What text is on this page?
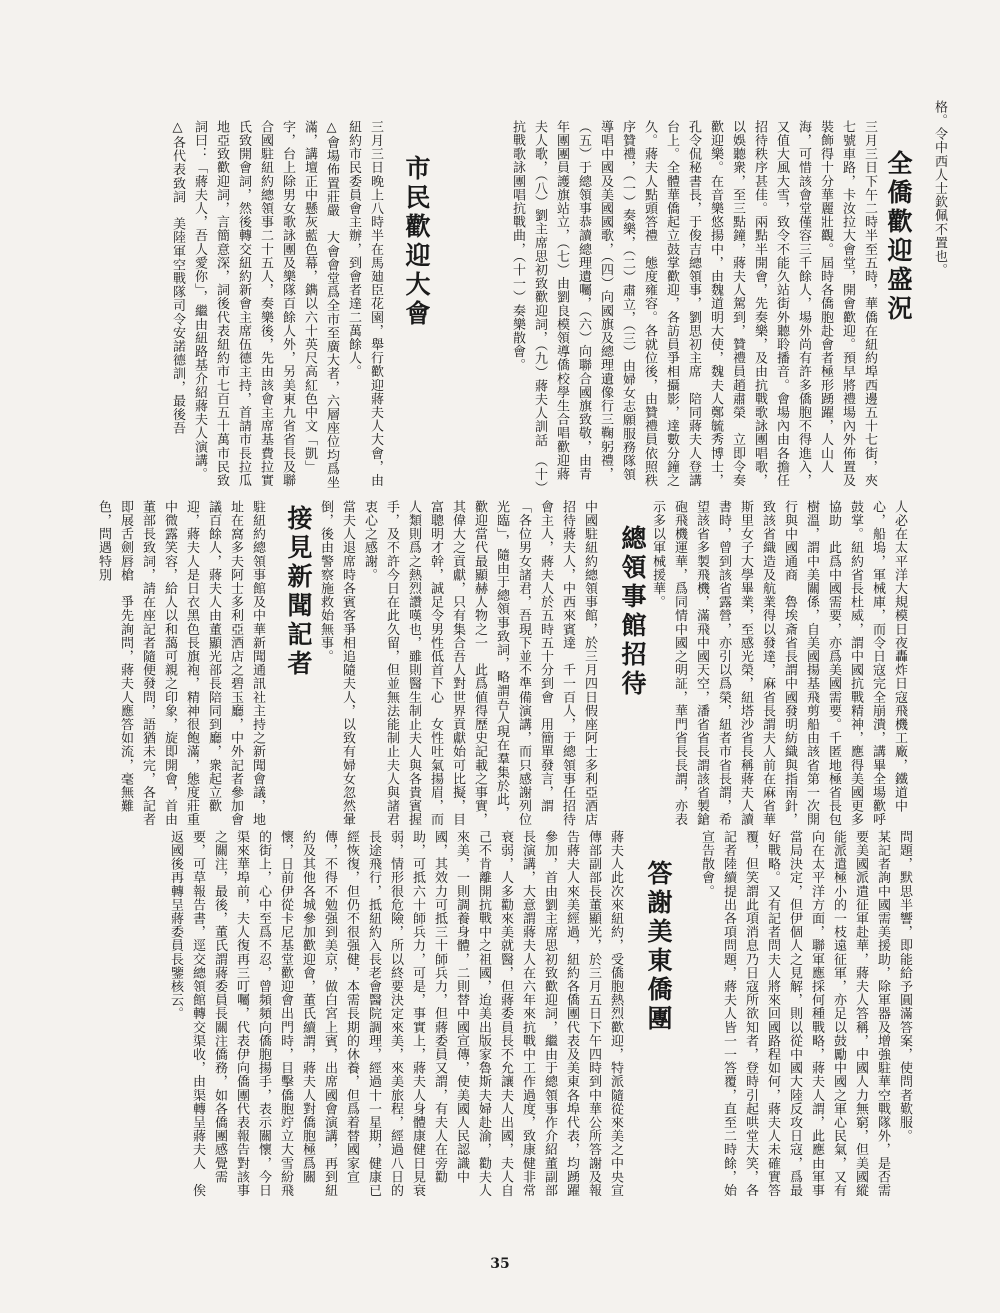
格。令中西人士欽佩不置也。
全僑歡迎盛況
三月三日下午二時半至五時，華僑在紐約埠西邊五十七街，夾七號車路，卡汝拉大會堂，開會歡迎。預早將禮場內外佈置及裝飾得十分華麗壯觀。屆時各僑胞赴會者極形踴躍，人山人海，可惜該會堂僅容三千餘人，場外尚有許多僑胞不得進入，又值大風大雪，致令不能久站街外聽聆播音。會場內由各擔任招待秩序甚佳。兩點半開會，先奏樂，及由抗戰歌詠團唱歌，以娛聽衆，至三點鐘，蔣夫人駕到，贊禮員趙肅榮　立即令奏歡迎樂。在音樂悠揚中，由魏道明大使，魏夫人鄭毓秀博士，孔令侃秘書長，于俊吉總領事，劉思初主席　陪同蔣夫人登講台上。全體華僑起立鼓掌歡迎，各訪員爭相攝影，達數分鐘之久。蔣夫人點頭答禮　態度雍容。各就位後，由贊禮員依照秩序贊禮，（一）奏樂，（二）肅立，（三）由婦女志願服務隊領導唱中國及美國國歌，（四）向國旗及總理遺像行三鞠躬禮，（五）于總領事恭讀總理遺囑，（六）向聯合國旗致敬，由青年團團員護旗站立，（七）由劉良模領導僑校學生合唱歡迎蔣夫人歌，（八）劉主席思初致歡迎詞，（九）蔣夫人訓話　（十）抗戰歌詠團唱抗戰曲，（十一）奏樂散會。
市民歡迎大會
三月三日晚上八時半在馬廸臣花園，舉行歡迎蔣夫人大會，由紐約市民委員會主辦，到會者達二萬餘人。
△會場佈置莊嚴　大會會堂爲全市至廣大者，六層座位均爲坐滿，講壇正中懸灰藍色幕，鐫以六十英尺高紅色中文「凱」字，台上除男女歌詠團及樂隊百餘人外，另美東九省省長及聯合國駐紐約總領事二十五人，奏樂後，先由該會主席基費拉實氏致開會詞，然後轉交紐約新會主席伍德主持，首請市長拉瓜地亞致歡迎詞，言簡意深，詞後代表紐約市七百五十萬市民致詞曰：「蔣夫人，吾人愛你」，繼由紐路基介紹蔣夫人演講。
△各代表致詞　美陸軍空戰隊司令安諾德訓，最後吾
人必在太平洋大規模日夜轟炸日寇飛機工廠，鐵道中心，船塢，軍械庫，而令日寇完全崩潰，講畢全場歡呼鼓掌。紐約省長杜威，謂中國抗戰精神，應得美國更多協助　此爲中國需要，亦爲美國需要。千匿地極省長包樹溫，謂中美關係，自美國揚基飛剪船由該省第一次開行與中國通商　魯埃斎省長謂中國發明紡織與指南針，致該省織造及航業得以發達，麻省長謂夫人前在麻省華斯里女子大學畢業，至感光榮，紐塔沙省長稱蔣夫人讀書時，曾到該省露營，亦引以爲榮，紐者市省長謂，希望該省多製飛機，滿飛中國天空，潘省省長謂該省製鎗砲飛機運華，爲同情中國之明証，華門省長長謂，亦表示多以軍械援華。
總領事館招待
中國駐紐約總領事館，於三月四日假座阿士多利亞酒店招待蔣夫人，中西來賓達　千一百人，于總領事任招待會主人，蔣夫人於五時五十分到會　用簡單發言，謂「各位男女諸君，吾現下並不準備演講，而只感謝列位光臨」，隨由于總領事致詞，略謂吾人現在羣集於此，歡迎當代最顯赫人物之一　此爲値得歷史記載之事實，其偉大之貢獻，只有集合吾人對世界貢獻始可比擬，目富聰明才幹，誠足令男性低首下心　女性吐氣揚眉，而人類則爲之熱烈讚嘆也，雖則醫生制止夫人與各貴賓握手，及不許今日在此久留，但並無法能制止夫人與諸君衷心之感謝。
當夫人退席時各賓客爭相追隨夫人，以致有婦女忽然暈倒，後由警察施救始無事。
接見新聞記者
駐紐約總領事館及中華新聞通訊社主持之新聞會議，地址在窩多夫阿士多利亞酒店之碧玉廳，中外記者參加會議百餘人，蔣夫人由董顯光部長陪同到廳，衆起立歡迎，蔣夫人是日衣黑色長旗袍，精神很飽滿，態度莊重中微露笑容，給人以和藹可親之印象，旋即開會，首由董部長致詞，請在座記者隨便發問，語猶未完，各記者即展舌劍唇槍　爭先詢問，蔣夫人應答如流，毫無難色，問遇特別
問題，默思半響，即能給予圓滿答案，使問者歎服。
某記者詢中國需美援助，除軍器及增強駐華空戰隊外，是否需要美國派遣征軍赴華，蔣夫人答稱，中國人力無窮，但美國縱能派遣極小的一枝遠征軍，亦足以鼓勵中國之軍心民氣，又有向在太平洋方面，聯軍應採何種戰略，蔣夫人謂，此應由軍事當局決定，但伊個人之見解，則以從中國大陸反攻日寇，爲最好戰略。又有記者問夫人將來回國路程如何，蔣夫人未確實答覆，但笑謂此項消息乃日寇所欲知者，登時引起哄堂大笑，各記者陸續提出各項問題，蔣夫人皆一一答覆，直至二時餘，始宣告散會。
答謝美東僑團
蔣夫人此次來紐約，受僑胞熱烈歡迎，特派隨從來美之中央宣傳部副部長董顯光，於三月五日下午四時到中華公所答謝及報告蔣夫人來美經過，紐約各僑團代表及美東各埠代表，均踴躍參加，首由劉主席思初致歡迎詞，繼由于總領事作介紹董副部長演講，大意謂蔣夫人在六年來抗戰中工作過度，致康健非常衰弱，人多勸來美就醫，但蔣委員長不允讓夫人出國，夫人自己不肯離開抗戰中之祖國，迨美出版家魯斯夫婦赴渝，勸夫人來美，一則調養身體，二則替中國宣傳，使美國人民認識中國，其效力可抵三十師兵力，但蔣委員又謂，有夫人在旁勸助，可抵六十師兵力，可是，事實上，蔣夫人身體康健日見衰弱，情形很危險，所以終要決定來美，來美旅程，經過八日的長途飛行，抵紐約入長老會醫院調理，經過十一星期，健康已經恢復，但仍不很强健，本需長期的休養，但爲着替國家宣傳，不得不勉强到美京，做白宮上賓，出席國會演講，再到紐約及其他各城參加歡迎會，董氏續謂，蔣夫人對僑胞極爲關懷，日前伊從卡尼基堂歡迎會出門時，目擊僑胞竚立大雪紛飛的街上，心中至爲不忍，曾頻頻向僑胞揚手，表示關懷，今日渠來華埠前，夫人復再三叮囑，代表伊向僑團代表報告對該事之關注，最後，董氏謂蔣委員長關注僑務，如各僑團感覺需要，可草報告書，逕交總領館轉交渠收，由渠轉呈蔣夫人　俟返國後再轉呈蔣委員長鑒核云。
35
